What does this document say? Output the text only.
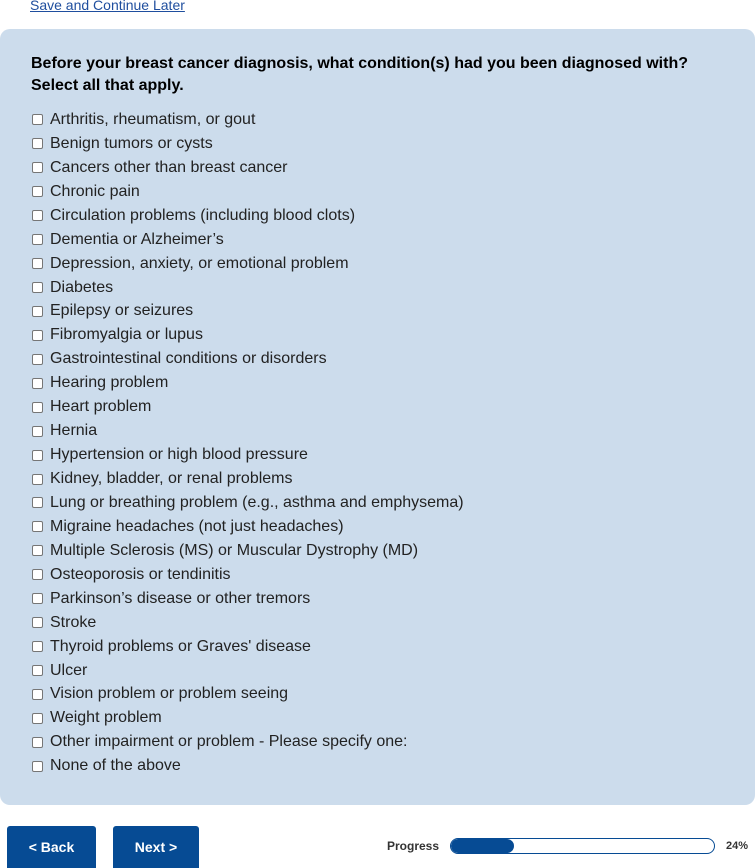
Save and Continue Later
Before your breast cancer diagnosis, what condition(s) had you been diagnosed with? Select all that apply.
Arthritis, rheumatism, or gout
Benign tumors or cysts
Cancers other than breast cancer
Chronic pain
Circulation problems (including blood clots)
Dementia or Alzheimer’s
Depression, anxiety, or emotional problem
Diabetes
Epilepsy or seizures
Fibromyalgia or lupus
Gastrointestinal conditions or disorders
Hearing problem
Heart problem
Hernia
Hypertension or high blood pressure
Kidney, bladder, or renal problems
Lung or breathing problem (e.g., asthma and emphysema)
Migraine headaches (not just headaches)
Multiple Sclerosis (MS) or Muscular Dystrophy (MD)
Osteoporosis or tendinitis
Parkinson’s disease or other tremors
Stroke
Thyroid problems or Graves' disease
Ulcer
Vision problem or problem seeing
Weight problem
Other impairment or problem - Please specify one:
None of the above
< Back	Next >	Progress	24%
